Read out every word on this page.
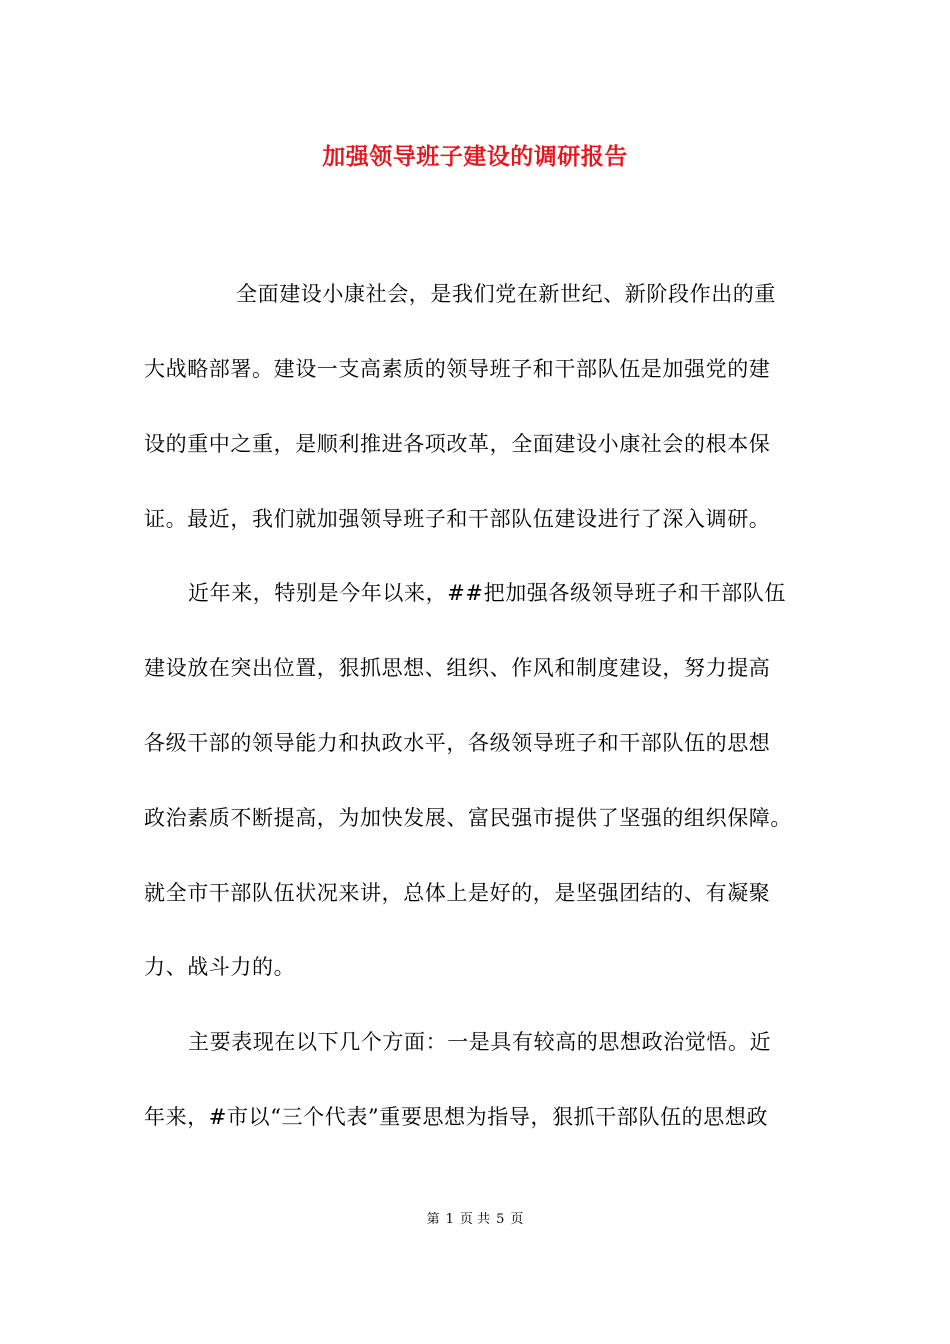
加强领导班子建设的调研报告
全面建设小康社会，是我们党在新世纪、新阶段作出的重
大战略部署。建设一支高素质的领导班子和干部队伍是加强党的建
设的重中之重，是顺利推进各项改革，全面建设小康社会的根本保
证。最近，我们就加强领导班子和干部队伍建设进行了深入调研。
近年来，特别是今年以来，##把加强各级领导班子和干部队伍
建设放在突出位置，狠抓思想、组织、作风和制度建设，努力提高
各级干部的领导能力和执政水平，各级领导班子和干部队伍的思想
政治素质不断提高，为加快发展、富民强市提供了坚强的组织保障。
就全市干部队伍状况来讲，总体上是好的，是坚强团结的、有凝聚
力、战斗力的。
主要表现在以下几个方面：一是具有较高的思想政治觉悟。近
年来，#市以“三个代表”重要思想为指导，狠抓干部队伍的思想政
第 1 页 共 5 页
